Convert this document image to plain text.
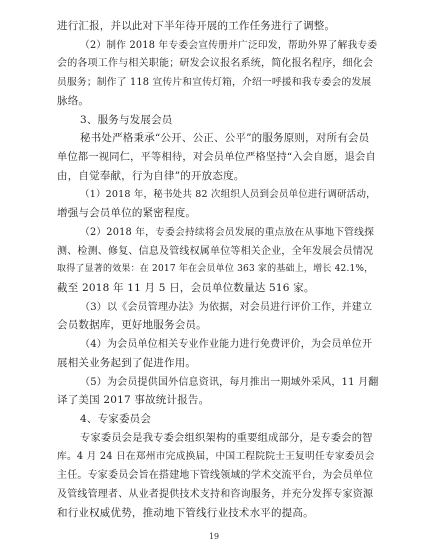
进行汇报，并以此对下半年待开展的工作任务进行了调整。
（2）制作 2018 年专委会宣传册并广泛印发，帮助外界了解我专委
会的各项工作与相关职能；研发会议报名系统，简化报名程序，细化会
员服务；制作了 118 宣传片和宣传灯箱，介绍一呼援和我专委会的发展
脉络。
3、服务与发展会员
秘书处严格秉承“公开、公正、公平”的服务原则，对所有会员
单位都一视同仁，平等相待，对会员单位严格坚持“入会自愿，退会自
由，自觉奉献，行为自律”的开放态度。
（1）2018 年，秘书处共 82 次组织人员到会员单位进行调研活动，
增强与会员单位的紧密程度。
（2）2018 年，专委会持续将会员发展的重点放在从事地下管线探
测、检测、修复、信息及管线权属单位等相关企业，全年发展会员情况
取得了显著的效果：在 2017 年在会员单位 363 家的基础上，增长 42.1%，
截至 2018 年 11 月 5 日，会员单位数量达 516 家。
（3）以《会员管理办法》为依据，对会员进行评价工作，并建立
会员数据库，更好地服务会员。
（4）为会员单位相关专业作业能力进行免费评价，为会员单位开
展相关业务起到了促进作用。
（5）为会员提供国外信息资讯，每月推出一期域外采风，11 月翻
译了美国 2017 事故统计报告。
4、专家委员会
专家委员会是我专委会组织架构的重要组成部分，是专委会的智
库。4 月 24 日在郑州市完成换届，中国工程院院士王复明任专家委员会
主任。专家委员会旨在搭建地下管线领域的学术交流平台，为会员单位
及管线管理者、从业者提供技术支持和咨询服务，并充分发挥专家资源
和行业权威优势，推动地下管线行业技术水平的提高。
19
